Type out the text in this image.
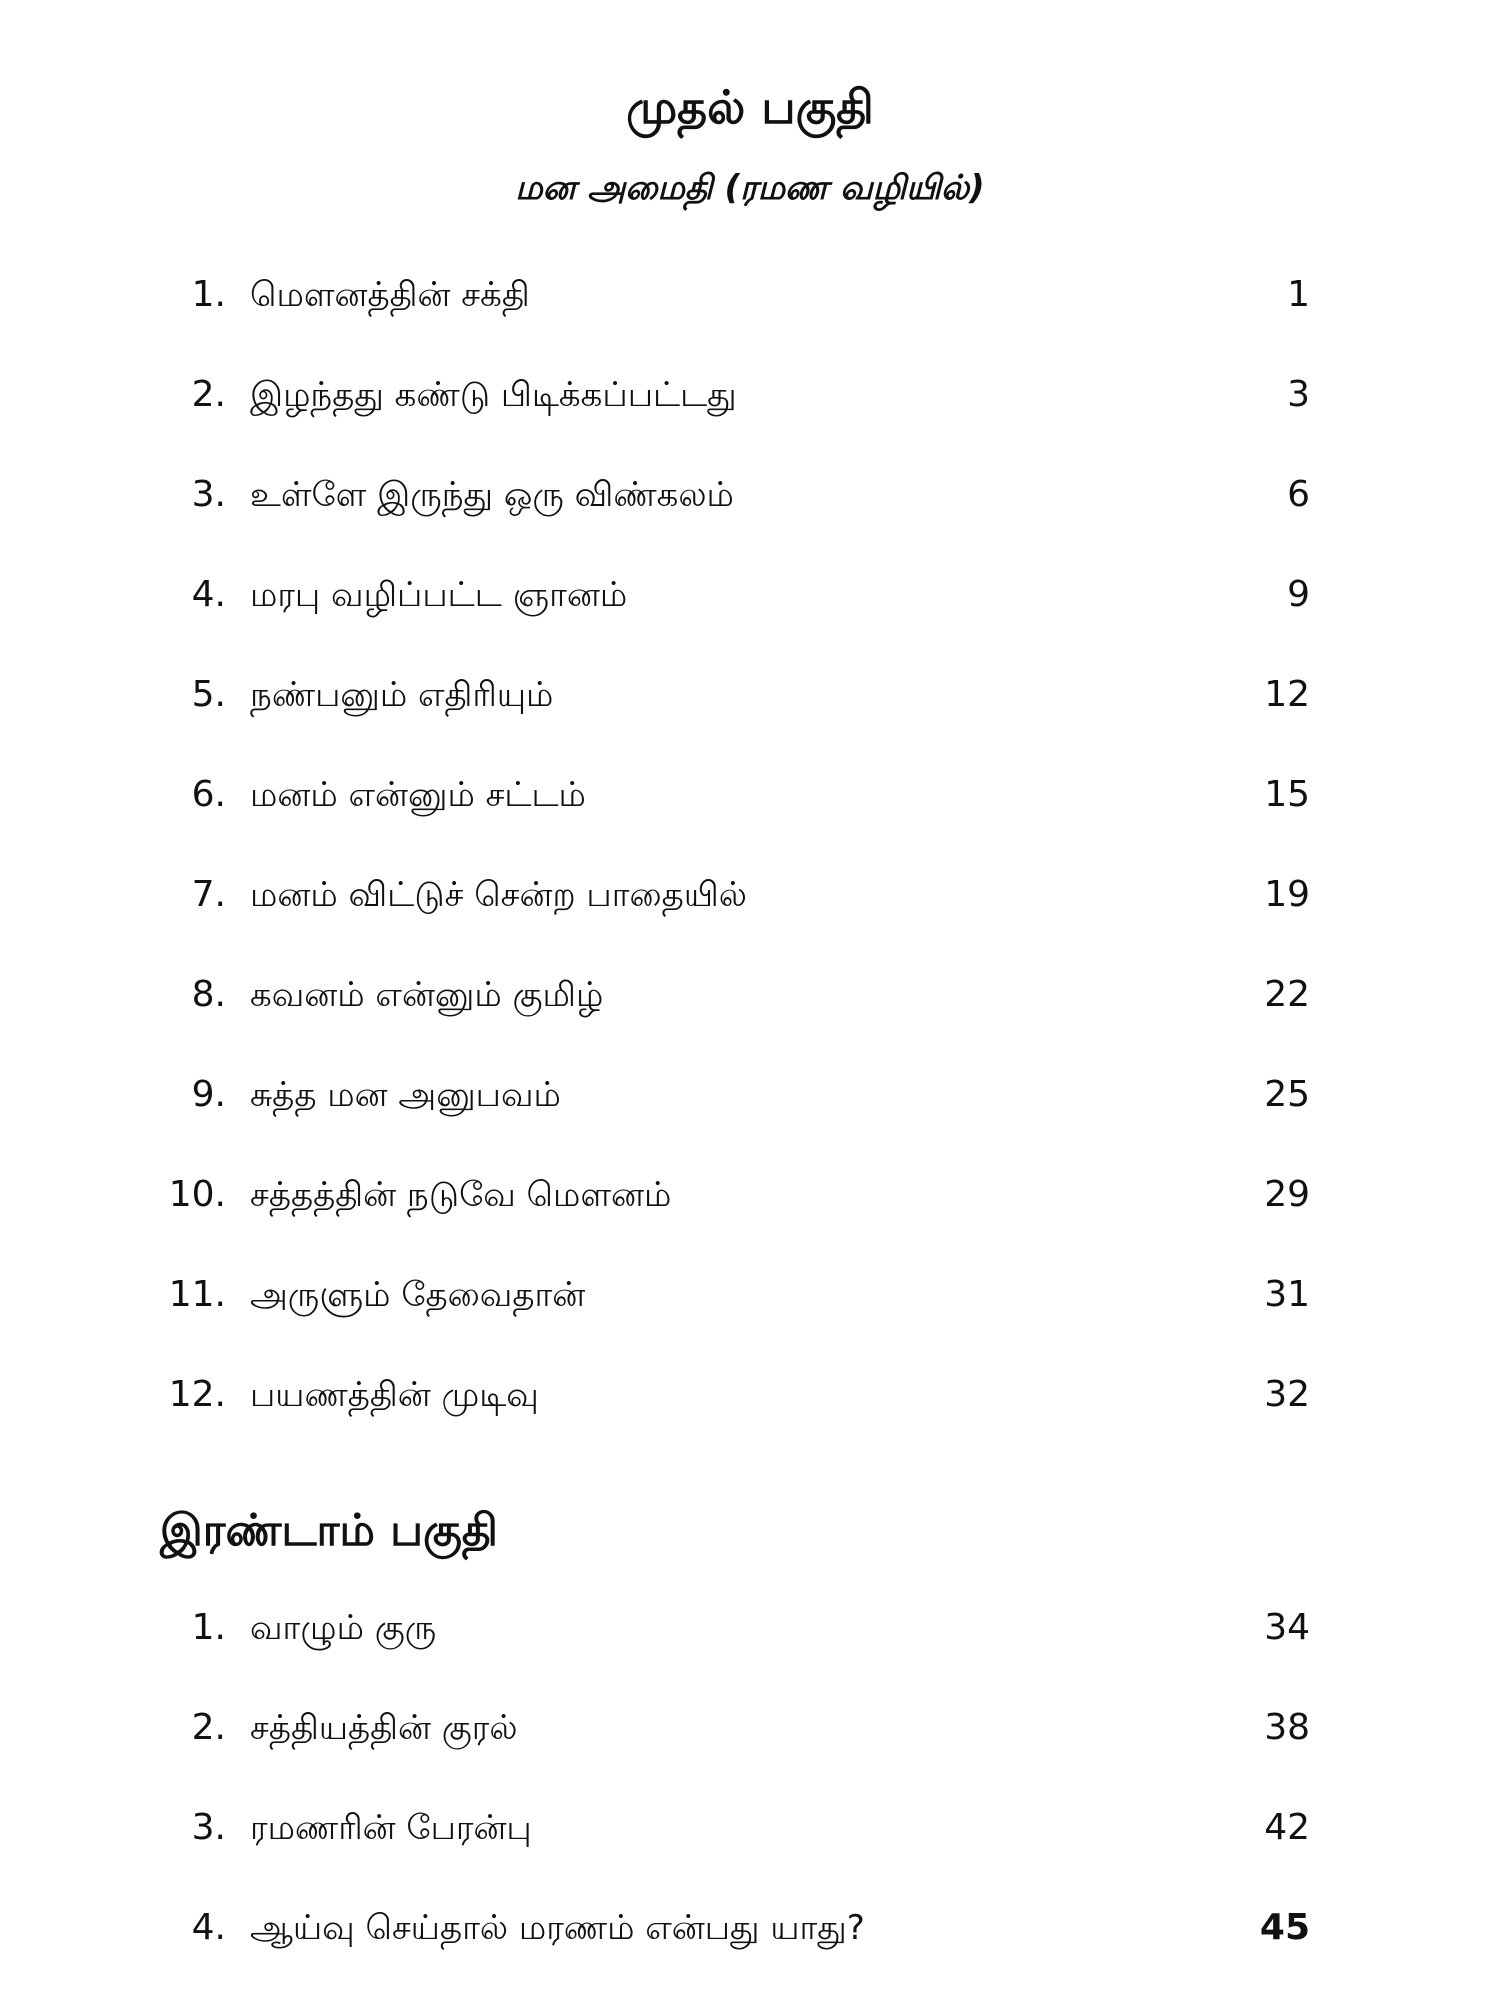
முதல் பகுதி
மன அமைதி (ரமண வழியில்)
1. மௌனத்தின் சக்தி	1
2. இழந்தது கண்டு பிடிக்கப்பட்டது	3
3. உள்ளே இருந்து ஒரு விண்கலம்	6
4. மரபு வழிப்பட்ட ஞானம்	9
5. நண்பனும் எதிரியும்	12
6. மனம் என்னும் சட்டம்	15
7. மனம் விட்டுச் சென்ற பாதையில்	19
8. கவனம் என்னும் குமிழ்	22
9. சுத்த மன அனுபவம்	25
10. சத்தத்தின் நடுவே மௌனம்	29
11. அருளும் தேவைதான்	31
12. பயணத்தின் முடிவு	32
இரண்டாம் பகுதி
1. வாழும் குரு	34
2. சத்தியத்தின் குரல்	38
3. ரமணரின் பேரன்பு	42
4. ஆய்வு செய்தால் மரணம் என்பது யாது?	45
